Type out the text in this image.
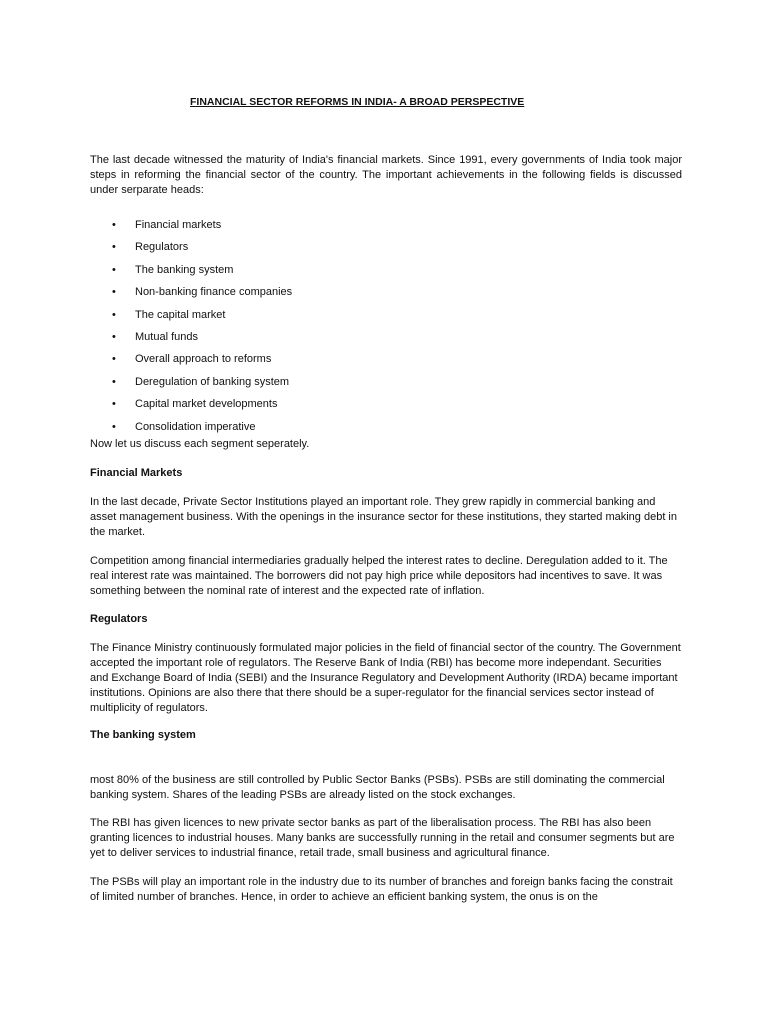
FINANCIAL SECTOR REFORMS IN INDIA- A BROAD PERSPECTIVE

The last decade witnessed the maturity of India's financial markets. Since 1991, every governments of India took major steps in reforming the financial sector of the country. The important achievements in the following fields is discussed under serparate heads:

• Financial markets
• Regulators
• The banking system
• Non-banking finance companies
• The capital market
• Mutual funds
• Overall approach to reforms
• Deregulation of banking system
• Capital market developments
• Consolidation imperative

Now let us discuss each segment seperately.

Financial Markets

In the last decade, Private Sector Institutions played an important role. They grew rapidly in commercial banking and asset management business. With the openings in the insurance sector for these institutions, they started making debt in the market.

Competition among financial intermediaries gradually helped the interest rates to decline. Deregulation added to it. The real interest rate was maintained. The borrowers did not pay high price while depositors had incentives to save. It was something between the nominal rate of interest and the expected rate of inflation.

Regulators

The Finance Ministry continuously formulated major policies in the field of financial sector of the country. The Government accepted the important role of regulators. The Reserve Bank of India (RBI) has become more independant. Securities and Exchange Board of India (SEBI) and the Insurance Regulatory and Development Authority (IRDA) became important institutions. Opinions are also there that there should be a super-regulator for the financial services sector instead of multiplicity of regulators.

The banking system

most 80% of the business are still controlled by Public Sector Banks (PSBs). PSBs are still dominating the commercial banking system. Shares of the leading PSBs are already listed on the stock exchanges.

The RBI has given licences to new private sector banks as part of the liberalisation process. The RBI has also been granting licences to industrial houses. Many banks are successfully running in the retail and consumer segments but are yet to deliver services to industrial finance, retail trade, small business and agricultural finance.

The PSBs will play an important role in the industry due to its number of branches and foreign banks facing the constrait of limited number of branches. Hence, in order to achieve an efficient banking system, the onus is on the
